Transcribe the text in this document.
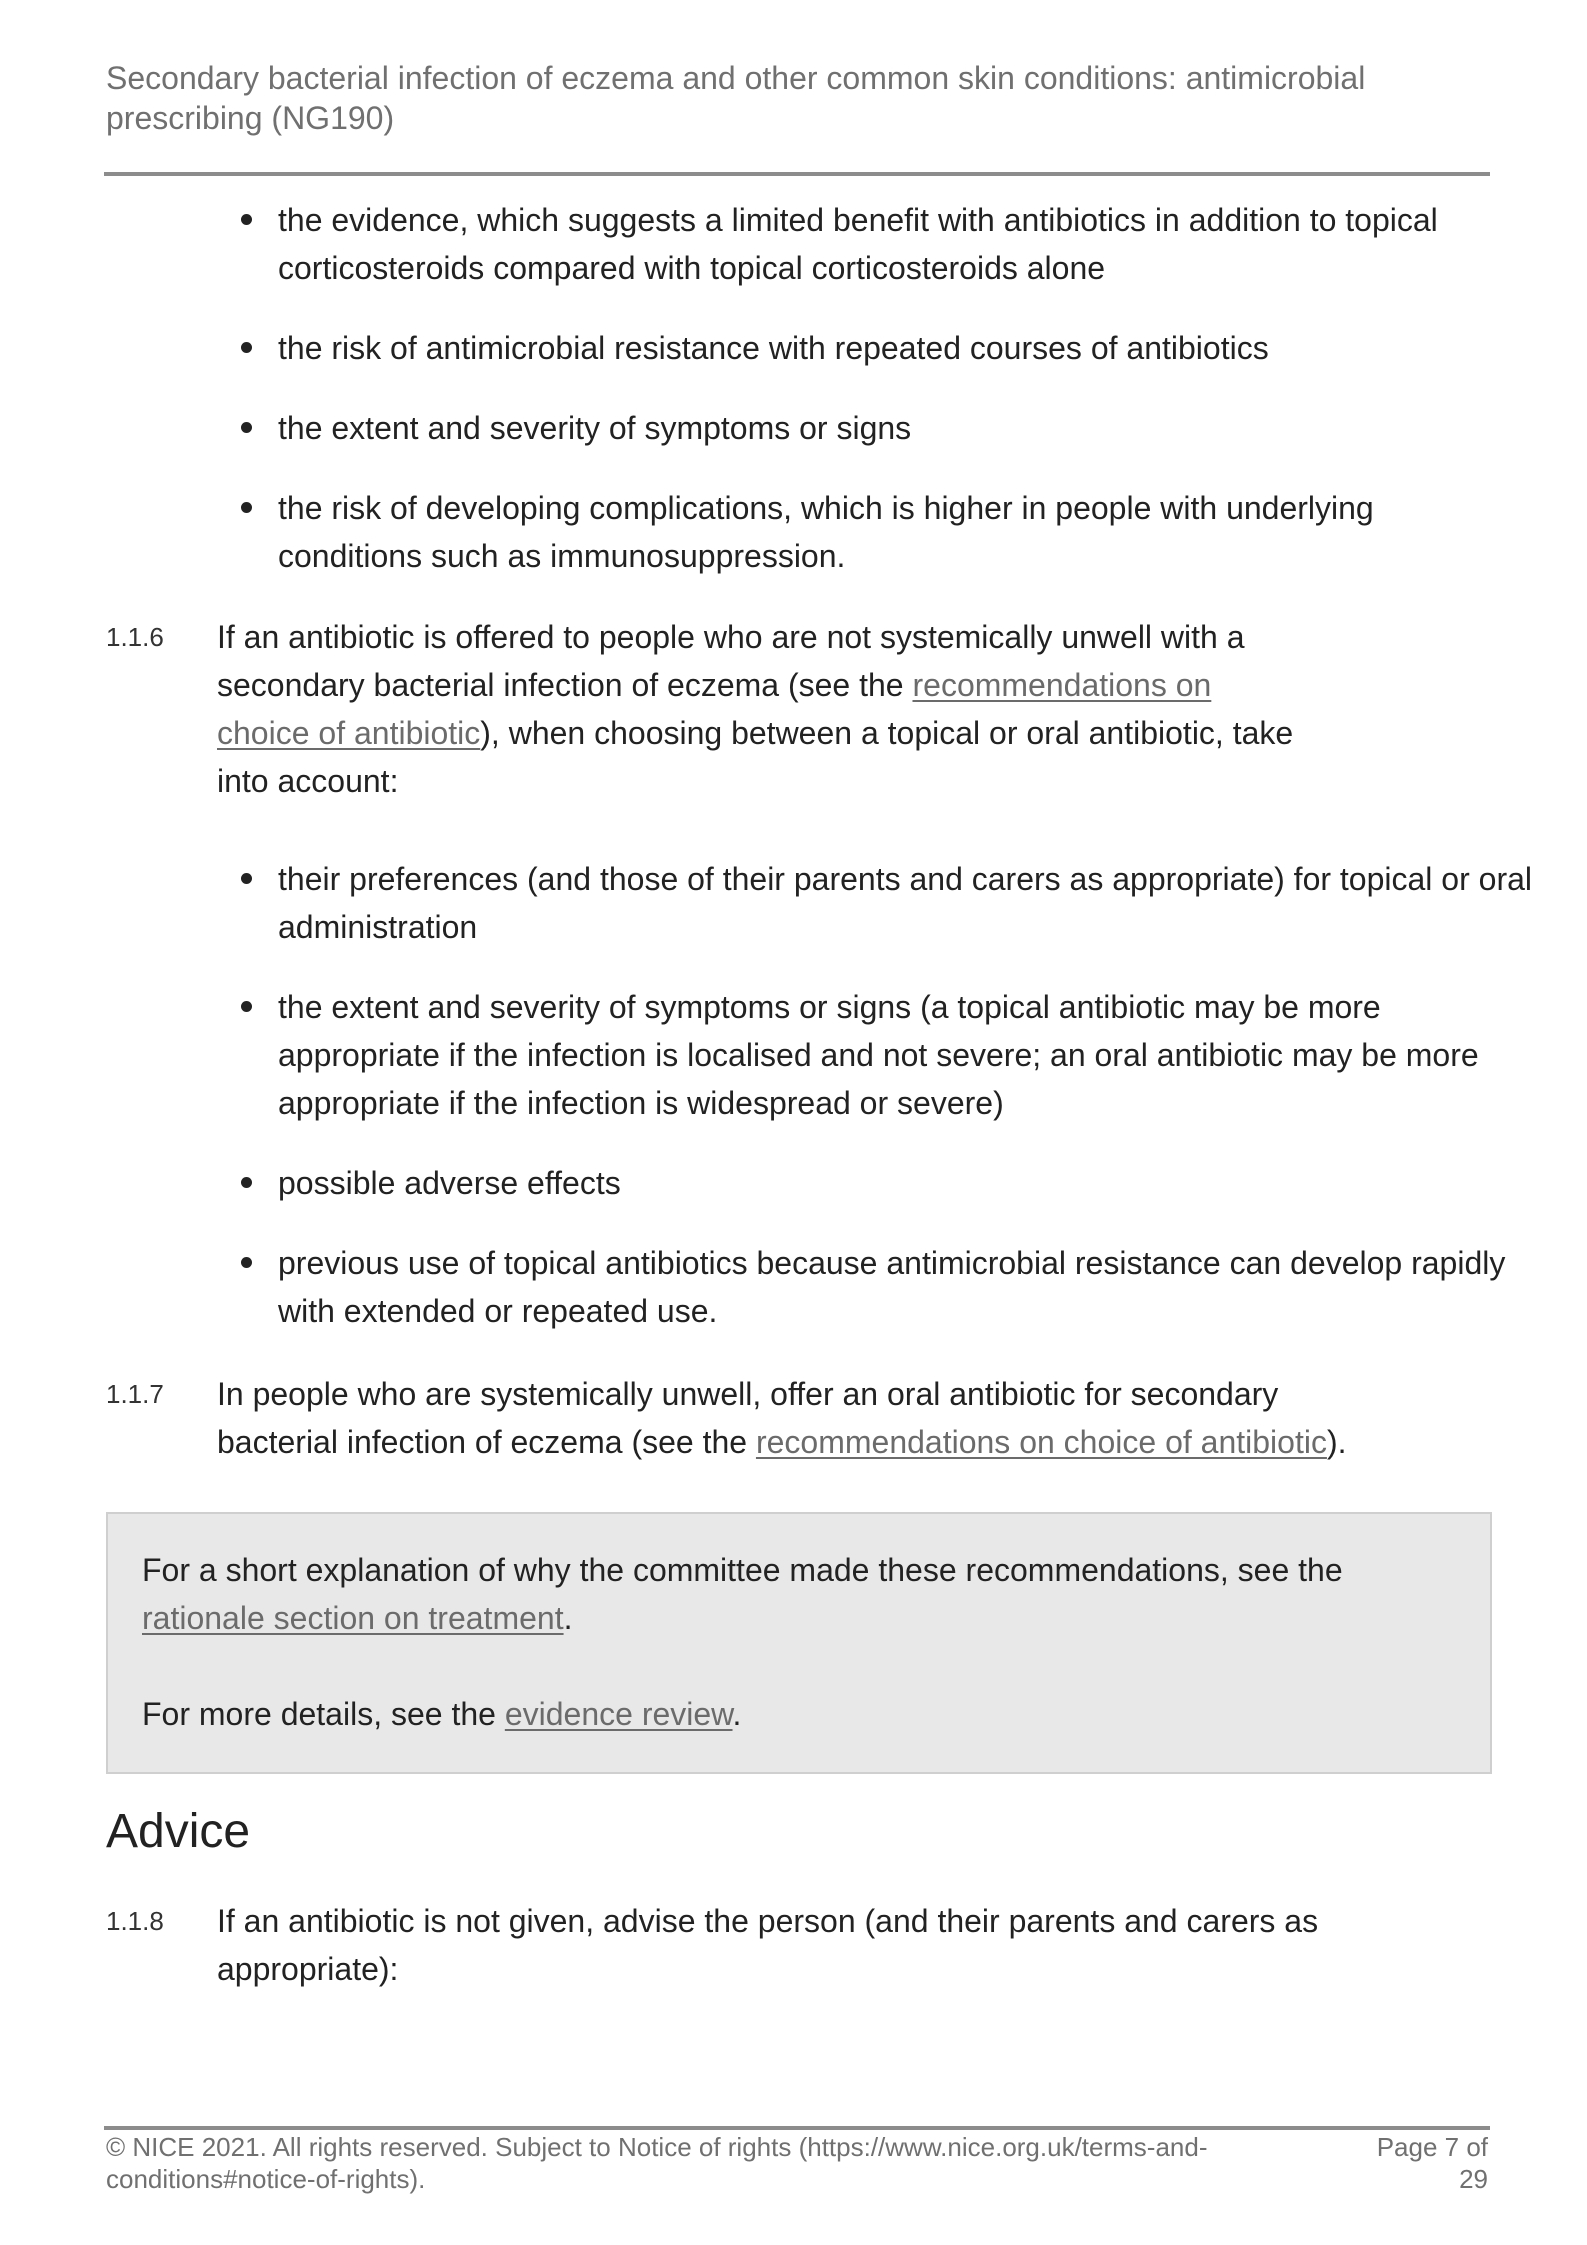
Secondary bacterial infection of eczema and other common skin conditions: antimicrobial prescribing (NG190)
the evidence, which suggests a limited benefit with antibiotics in addition to topical corticosteroids compared with topical corticosteroids alone
the risk of antimicrobial resistance with repeated courses of antibiotics
the extent and severity of symptoms or signs
the risk of developing complications, which is higher in people with underlying conditions such as immunosuppression.
1.1.6 If an antibiotic is offered to people who are not systemically unwell with a secondary bacterial infection of eczema (see the recommendations on choice of antibiotic), when choosing between a topical or oral antibiotic, take into account:
their preferences (and those of their parents and carers as appropriate) for topical or oral administration
the extent and severity of symptoms or signs (a topical antibiotic may be more appropriate if the infection is localised and not severe; an oral antibiotic may be more appropriate if the infection is widespread or severe)
possible adverse effects
previous use of topical antibiotics because antimicrobial resistance can develop rapidly with extended or repeated use.
1.1.7 In people who are systemically unwell, offer an oral antibiotic for secondary bacterial infection of eczema (see the recommendations on choice of antibiotic).
For a short explanation of why the committee made these recommendations, see the rationale section on treatment.
For more details, see the evidence review.
Advice
1.1.8 If an antibiotic is not given, advise the person (and their parents and carers as appropriate):
© NICE 2021. All rights reserved. Subject to Notice of rights (https://www.nice.org.uk/terms-and-conditions#notice-of-rights).
Page 7 of 29
